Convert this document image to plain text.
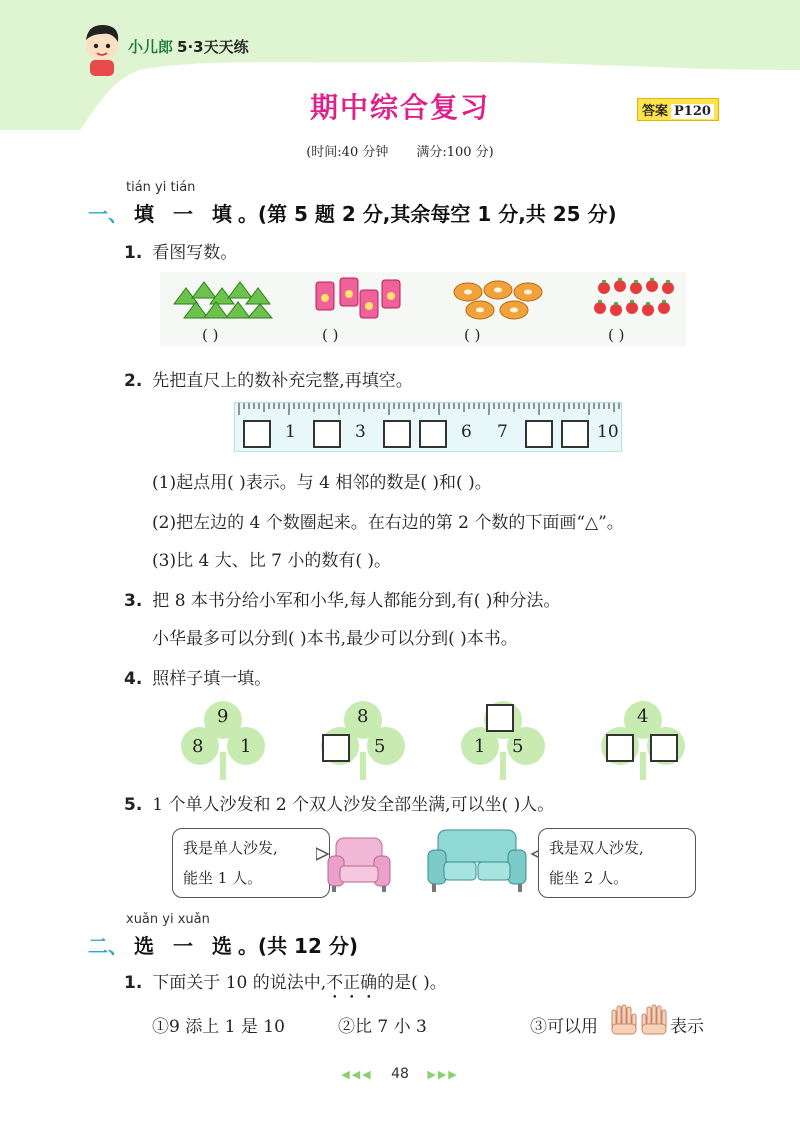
小儿郎 5·3天天练
期中综合复习	答案 P120
(时间:40 分钟 满分:100 分)
tián yi tián
一、 填 一 填。(第 5 题 2 分,其余每空 1 分,共 25 分)
1. 看图写数。
( )	( )	( )	( )
2. 先把直尺上的数补充完整,再填空。
1	3	6 7	10
(1)起点用( )表示。与 4 相邻的数是( )和( )。
(2)把左边的 4 个数圈起来。在右边的第 2 个数的下面画“△”。
(3)比 4 大、比 7 小的数有( )。
3. 把 8 本书分给小军和小华,每人都能分到,有( )种分法。
小华最多可以分到( )本书,最少可以分到( )本书。
4. 照样子填一填。
9
8 1
8
5	1 5
4
5. 1 个单人沙发和 2 个双人沙发全部坐满,可以坐( )人。
我是单人沙发,
能坐 1 人。
我是双人沙发,
能坐 2 人。
xuǎn yi xuǎn
二、 选 一 选。(共 12 分)
1. 下面关于 10 的说法中,不正确的是( )。
①9 添上 1 是 10	②比 7 小 3	③可以用	表示
◀◀◀ 48 ▶▶▶
